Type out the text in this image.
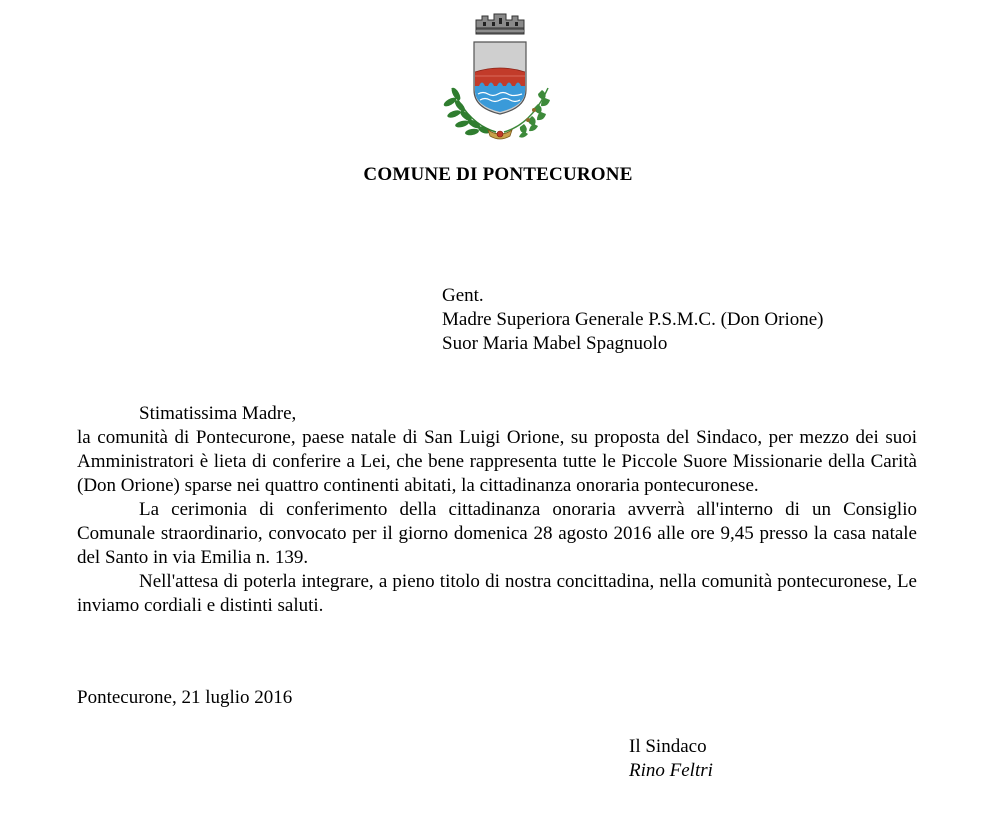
COMUNE DI PONTECURONE
Gent.
Madre Superiora Generale P.S.M.C. (Don Orione)
Suor Maria Mabel Spagnuolo
Stimatissima Madre,

la comunità di Pontecurone, paese natale di San Luigi Orione, su proposta del Sindaco, per mezzo dei suoi Amministratori è lieta di conferire a Lei, che bene rappresenta tutte le Piccole Suore Missionarie della Carità (Don Orione) sparse nei quattro continenti abitati, la cittadinanza onoraria pontecuronese.

La cerimonia di conferimento della cittadinanza onoraria avverrà all'interno di un Consiglio Comunale straordinario, convocato per il giorno domenica 28 agosto 2016 alle ore 9,45 presso la casa natale del Santo in via Emilia n. 139.

Nell'attesa di poterla integrare, a pieno titolo di nostra concittadina, nella comunità pontecuronese, Le inviamo cordiali e distinti saluti.

Pontecurone, 21 luglio 2016
Il Sindaco
Rino Feltri
